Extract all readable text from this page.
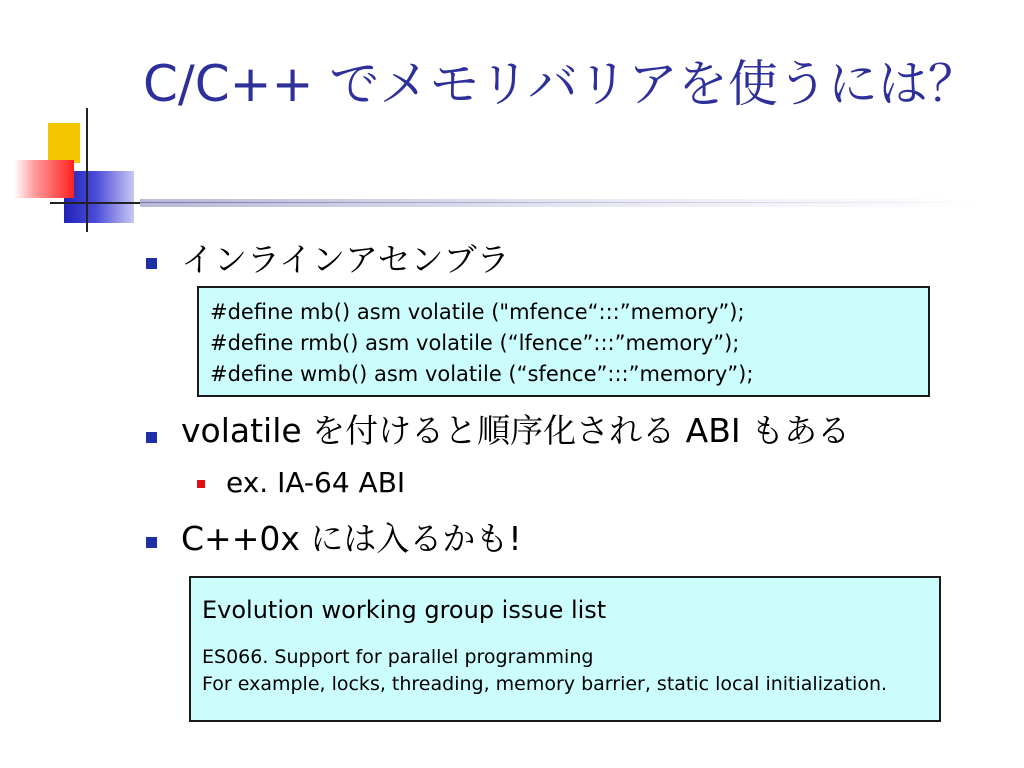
C/C++ でメモリバリアを使うには？
インラインアセンブラ
#define mb() asm volatile ("mfence“:::”memory”);
#define rmb() asm volatile (“lfence”:::”memory”);
#define wmb() asm volatile (“sfence”:::”memory”);
volatile を付けると順序化される ABI もある
ex. IA-64 ABI
C++0x には入るかも!
Evolution working group issue list
ES066. Support for parallel programming
For example, locks, threading, memory barrier, static local initialization.
